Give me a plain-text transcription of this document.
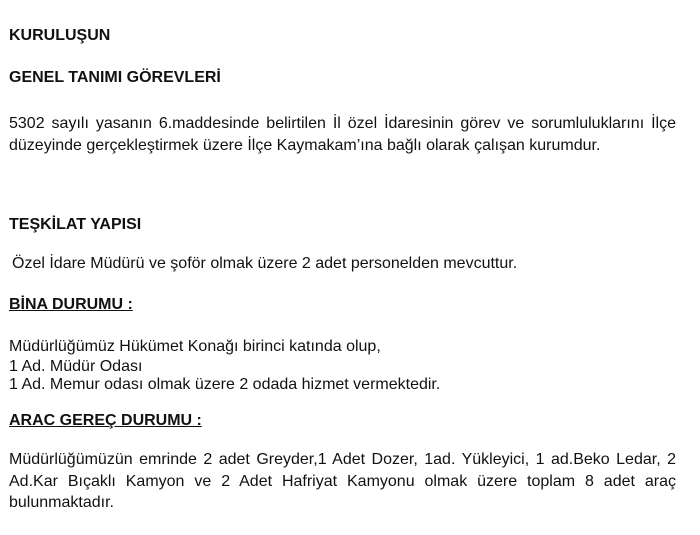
KURULUŞUN
GENEL TANIMI GÖREVLERİ
5302 sayılı yasanın 6.maddesinde belirtilen İl özel İdaresinin görev ve sorumluluklarını İlçe düzeyinde gerçekleştirmek üzere İlçe Kaymakam’ına bağlı olarak çalışan kurumdur.
TEŞKİLAT YAPISI
Özel İdare Müdürü ve şoför olmak üzere 2 adet personelden mevcuttur.
BİNA DURUMU :
Müdürlüğümüz Hükümet Konağı birinci katında olup,
1 Ad. Müdür Odası
1 Ad. Memur odası olmak üzere 2 odada hizmet vermektedir.
ARAC GEREÇ DURUMU :
Müdürlüğümüzün emrinde 2 adet Greyder,1 Adet Dozer, 1ad. Yükleyici, 1 ad.Beko Ledar, 2 Ad.Kar Bıçaklı Kamyon ve 2 Adet Hafriyat Kamyonu olmak üzere toplam 8 adet araç bulunmaktadır.
